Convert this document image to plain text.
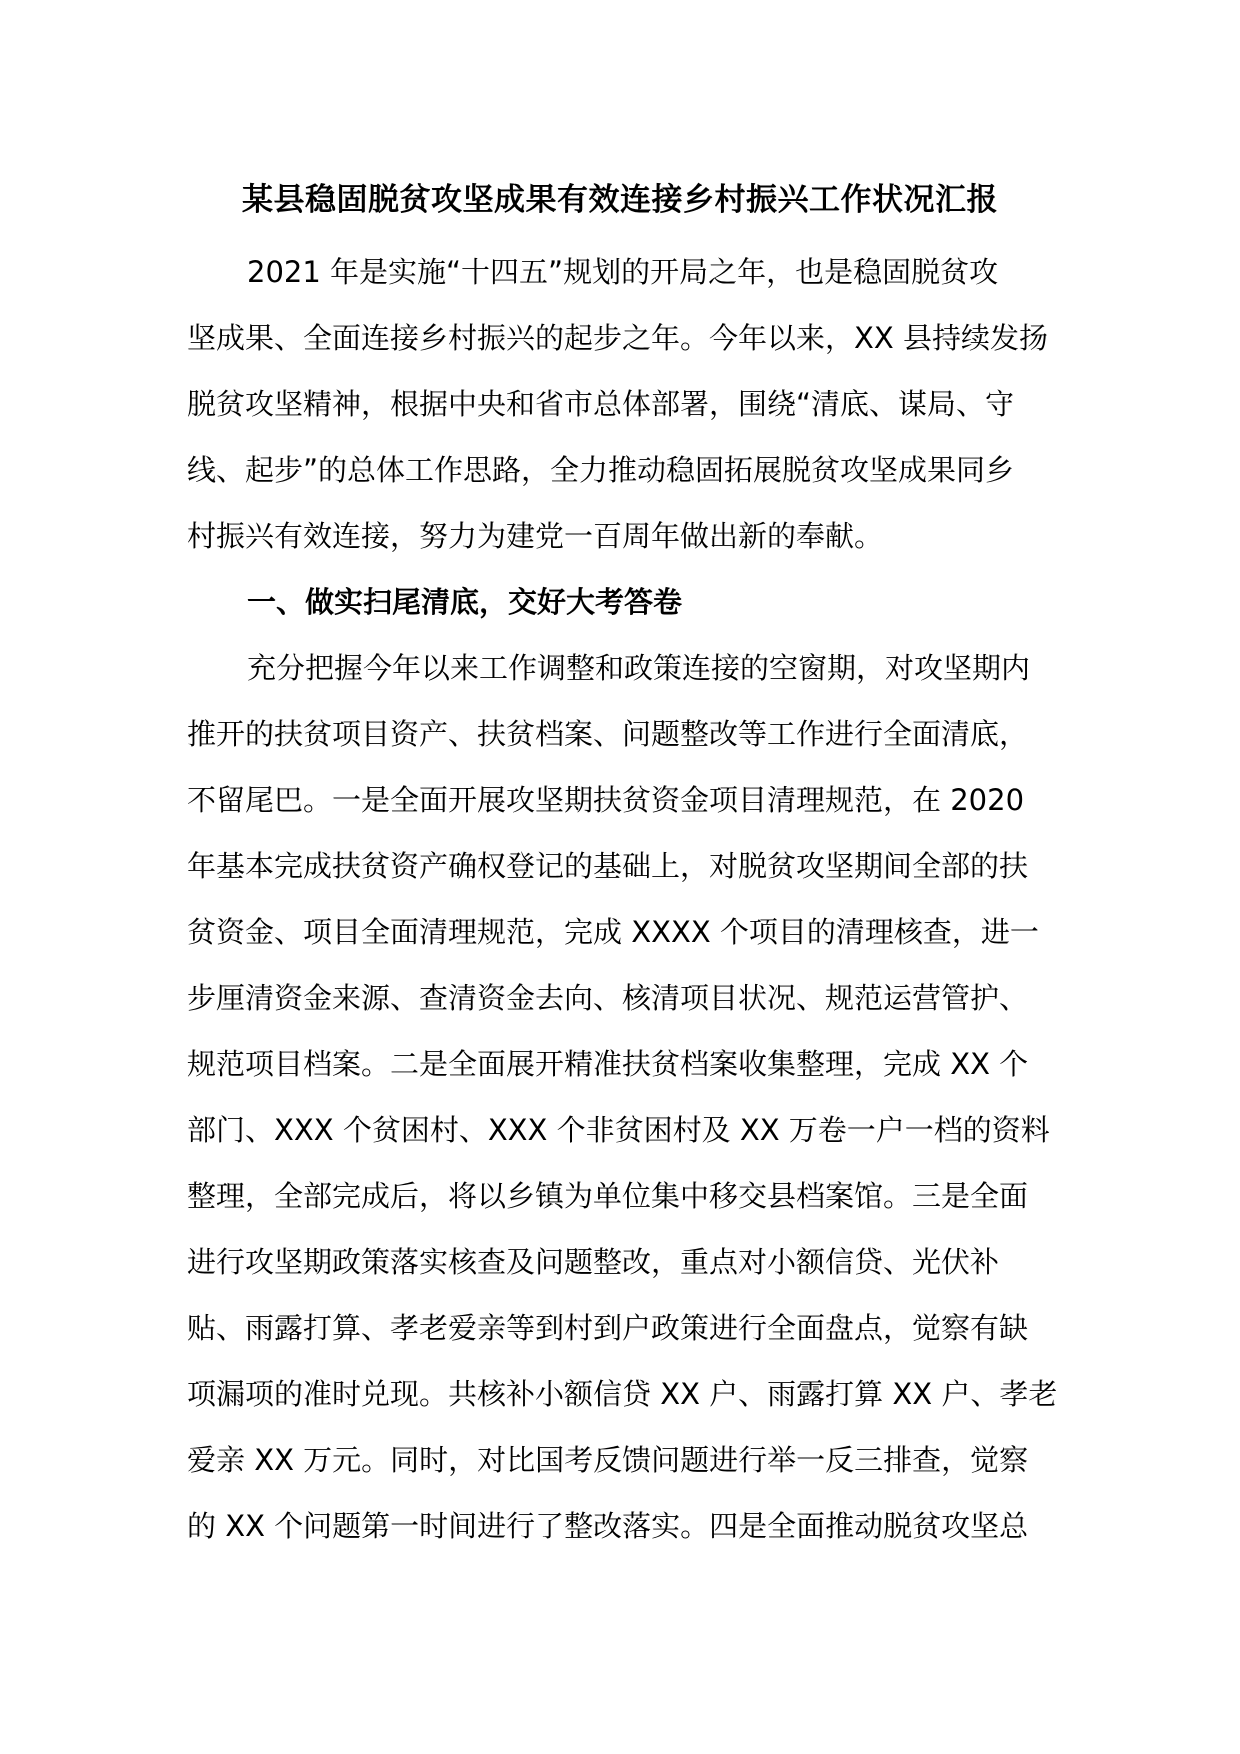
某县稳固脱贫攻坚成果有效连接乡村振兴工作状况汇报
2021 年是实施“十四五”规划的开局之年，也是稳固脱贫攻
坚成果、全面连接乡村振兴的起步之年。今年以来，XX 县持续发扬
脱贫攻坚精神，根据中央和省市总体部署，围绕“清底、谋局、守
线、起步”的总体工作思路，全力推动稳固拓展脱贫攻坚成果同乡
村振兴有效连接，努力为建党一百周年做出新的奉献。
一、做实扫尾清底，交好大考答卷
充分把握今年以来工作调整和政策连接的空窗期，对攻坚期内
推开的扶贫项目资产、扶贫档案、问题整改等工作进行全面清底，
不留尾巴。一是全面开展攻坚期扶贫资金项目清理规范，在 2020
年基本完成扶贫资产确权登记的基础上，对脱贫攻坚期间全部的扶
贫资金、项目全面清理规范，完成 XXXX 个项目的清理核查，进一
步厘清资金来源、查清资金去向、核清项目状况、规范运营管护、
规范项目档案。二是全面展开精准扶贫档案收集整理，完成 XX 个
部门、XXX 个贫困村、XXX 个非贫困村及 XX 万卷一户一档的资料
整理，全部完成后，将以乡镇为单位集中移交县档案馆。三是全面
进行攻坚期政策落实核查及问题整改，重点对小额信贷、光伏补
贴、雨露打算、孝老爱亲等到村到户政策进行全面盘点，觉察有缺
项漏项的准时兑现。共核补小额信贷 XX 户、雨露打算 XX 户、孝老
爱亲 XX 万元。同时，对比国考反馈问题进行举一反三排查，觉察
的 XX 个问题第一时间进行了整改落实。四是全面推动脱贫攻坚总
